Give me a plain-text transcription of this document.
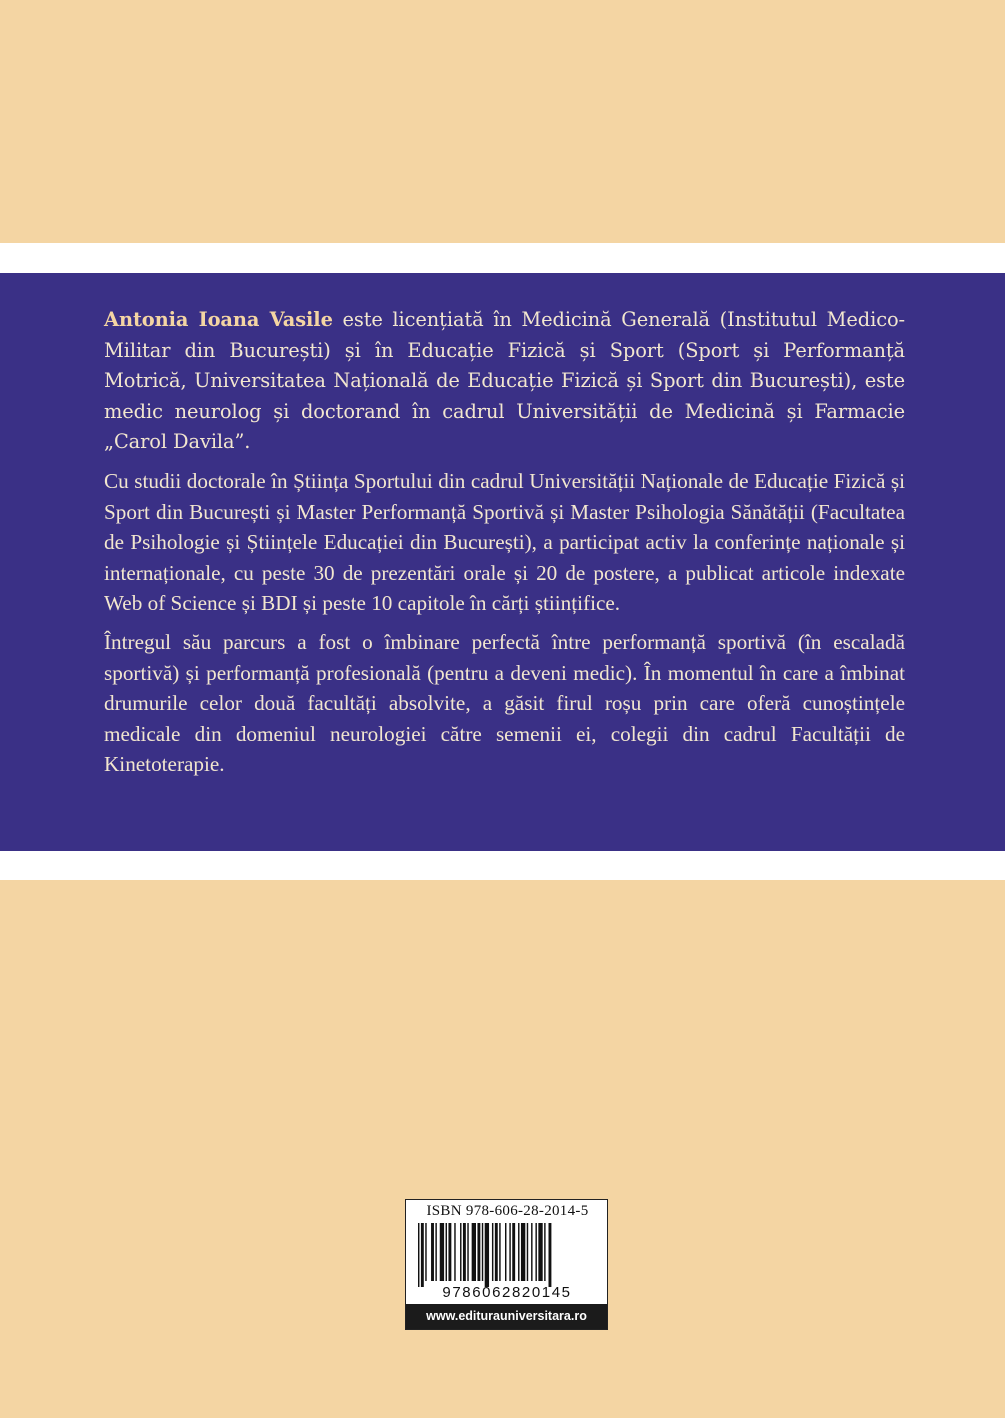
Antonia Ioana Vasile este licențiată în Medicină Generală (Institutul Medico-Militar din București) și în Educație Fizică și Sport (Sport și Performanță Motrică, Universitatea Națională de Educație Fizică și Sport din București), este medic neurolog și doctorand în cadrul Universității de Medicină și Farmacie „Carol Davila”.

Cu studii doctorale în Știința Sportului din cadrul Universității Naționale de Educație Fizică și Sport din București și Master Performanță Sportivă și Master Psihologia Sănătății (Facultatea de Psihologie și Științele Educației din București), a participat activ la conferințe naționale și internaționale, cu peste 30 de prezentări orale și 20 de postere, a publicat articole indexate Web of Science și BDI și peste 10 capitole în cărți științifice.

Întregul său parcurs a fost o îmbinare perfectă între performanță sportivă (în escaladă sportivă) și performanță profesională (pentru a deveni medic). În momentul în care a îmbinat drumurile celor două facultăți absolvite, a găsit firul roșu prin care oferă cunoștințele medicale din domeniul neurologiei către semenii ei, colegii din cadrul Facultății de Kinetoterapie.

ISBN 978-606-28-2014-5
9786062820145
www.editurauniversitara.ro
